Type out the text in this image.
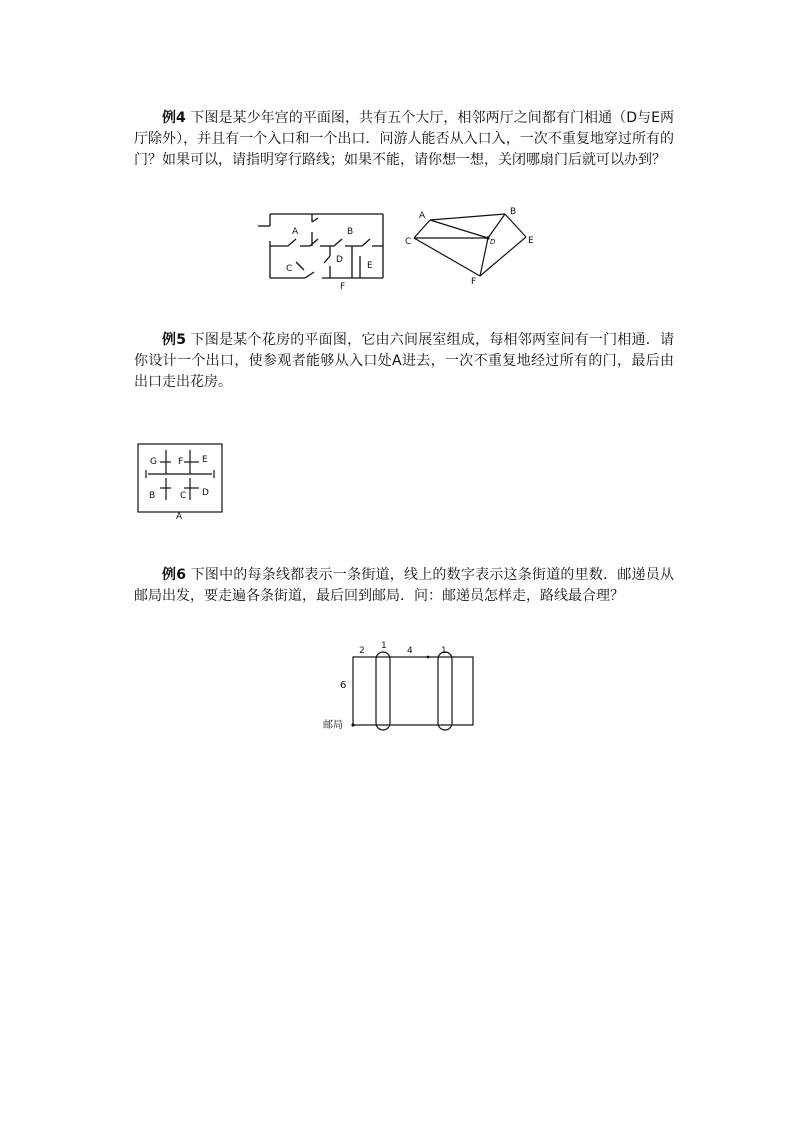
例4 下图是某少年宫的平面图，共有五个大厅，相邻两厅之间都有门相通（D与E两厅除外），并且有一个入口和一个出口．问游人能否从入口入，一次不重复地穿过所有的门？如果可以，请指明穿行路线；如果不能，请你想一想，关闭哪扇门后就可以办到？
A	B
C
D
E
F
A	B
C	D	E
F
例5 下图是某个花房的平面图，它由六间展室组成，每相邻两室间有一门相通．请你设计一个出口，使参观者能够从入口处A进去，一次不重复地经过所有的门，最后由出口走出花房。
G F E
B	C D
A
例6 下图中的每条线都表示一条街道，线上的数字表示这条街道的里数．邮递员从邮局出发，要走遍各条街道，最后回到邮局．问：邮递员怎样走，路线最合理？
2 1 4	1
6
邮局
